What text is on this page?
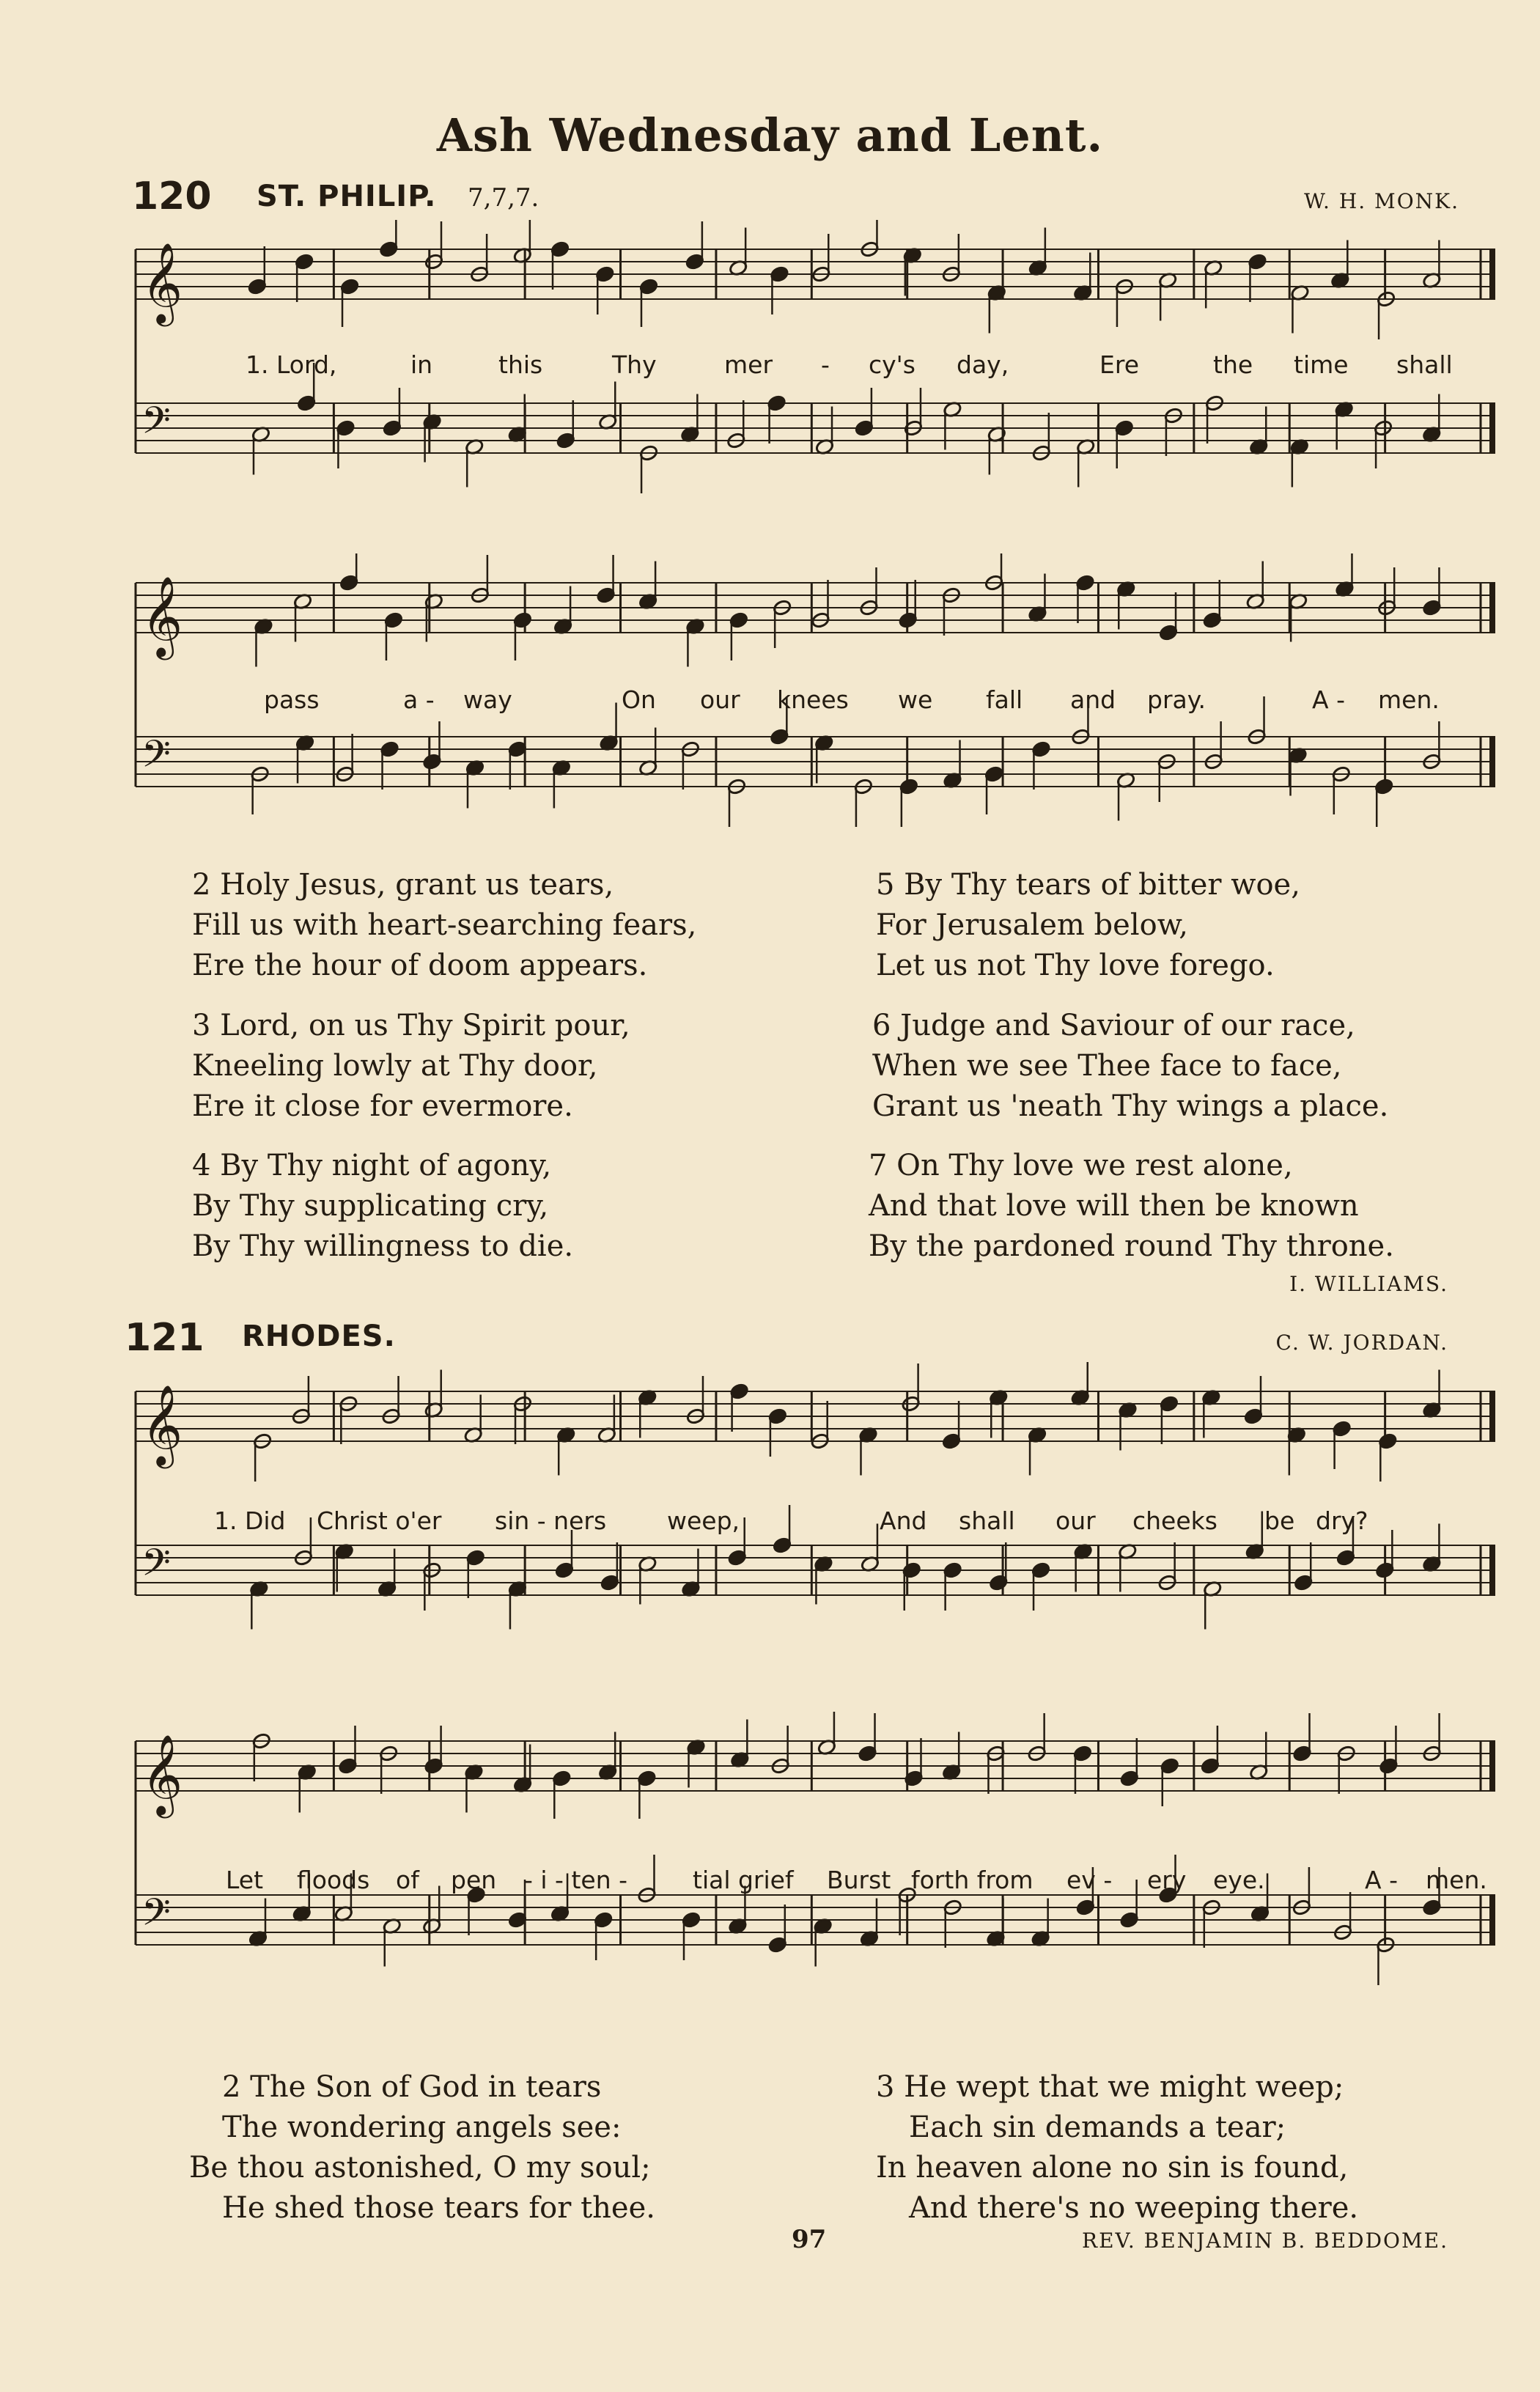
Ash Wednesday and Lent.
120 ST. PHILIP. 7,7,7.	W. H. MONK.
𝄞
𝄢
1. Lord,	in	this	Thy	mer - cy's day,	Ere	the time shall
𝄞
𝄢
pass	a - way	On our knees we fall and pray.	A - men.
2 Holy Jesus, grant us tears,
Fill us with heart-searching fears,
Ere the hour of doom appears.
3 Lord, on us Thy Spirit pour,
Kneeling lowly at Thy door,
Ere it close for evermore.
4 By Thy night of agony,
By Thy supplicating cry,
By Thy willingness to die.
5 By Thy tears of bitter woe,
For Jerusalem below,
Let us not Thy love forego.
6 Judge and Saviour of our race,
When we see Thee face to face,
Grant us 'neath Thy wings a place.
7 On Thy love we rest alone,
And that love will then be known
By the pardoned round Thy throne.
I. WILLIAMS.
121 RHODES.	C. W. JORDAN.
𝄞
𝄢
1. Did Christ o'er sin - ners	weep,	And shall our cheeks be dry?
𝄞
𝄢
Let floods of pen - i - ten -	tial grief Burst forth from ev - ery eye.	A - men.
2 The Son of God in tears
The wondering angels see:
Be thou astonished, O my soul;
He shed those tears for thee.
3 He wept that we might weep;
Each sin demands a tear;
In heaven alone no sin is found,
And there's no weeping there.
97	REV. BENJAMIN B. BEDDOME.
